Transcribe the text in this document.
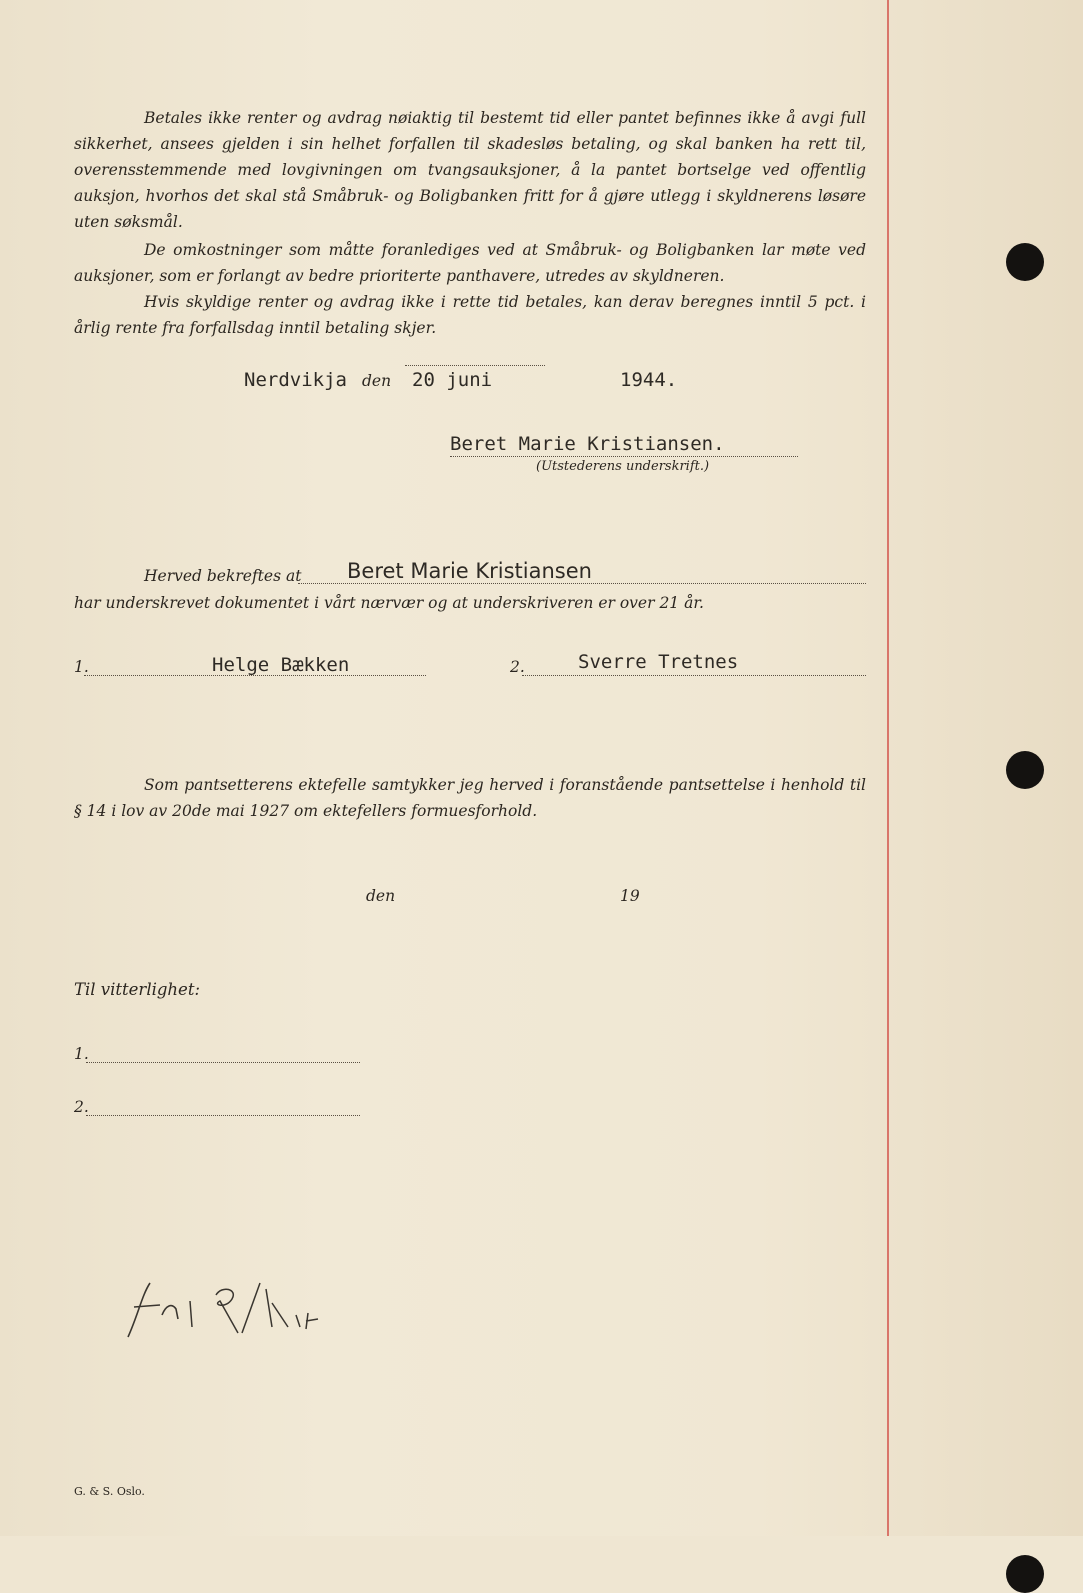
Betales ikke renter og avdrag nøiaktig til bestemt tid eller pantet befinnes ikke å avgi full sikkerhet, ansees gjelden i sin helhet forfallen til skadesløs betaling, og skal banken ha rett til, overensstemmende med lovgivningen om tvangsauksjoner, å la pantet bortselge ved offentlig auksjon, hvorhos det skal stå Småbruk- og Boligbanken fritt for å gjøre utlegg i skyldnerens løsøre uten søksmål.

De omkostninger som måtte foranlediges ved at Småbruk- og Boligbanken lar møte ved auksjoner, som er forlangt av bedre prioriterte panthavere, utredes av skyldneren.

Hvis skyldige renter og avdrag ikke i rette tid betales, kan derav beregnes inntil 5 pct. i årlig rente fra forfallsdag inntil betaling skjer.

Nerdvikja den 20 juni	1944.
Beret Marie Kristiansen.
(Utstederens underskrift.)
Herved bekreftes at Beret Marie Kristiansen
har underskrevet dokumentet i vårt nærvær og at underskriveren er over 21 år.
1.	Helge Bækken	2.	Sverre Tretnes

Som pantsetterens ektefelle samtykker jeg herved i foranstående pantsettelse i henhold til § 14 i lov av 20de mai 1927 om ektefellers formuesforhold.

den	19
Til vitterlighet:
1.
2.
G. & S. Oslo.
